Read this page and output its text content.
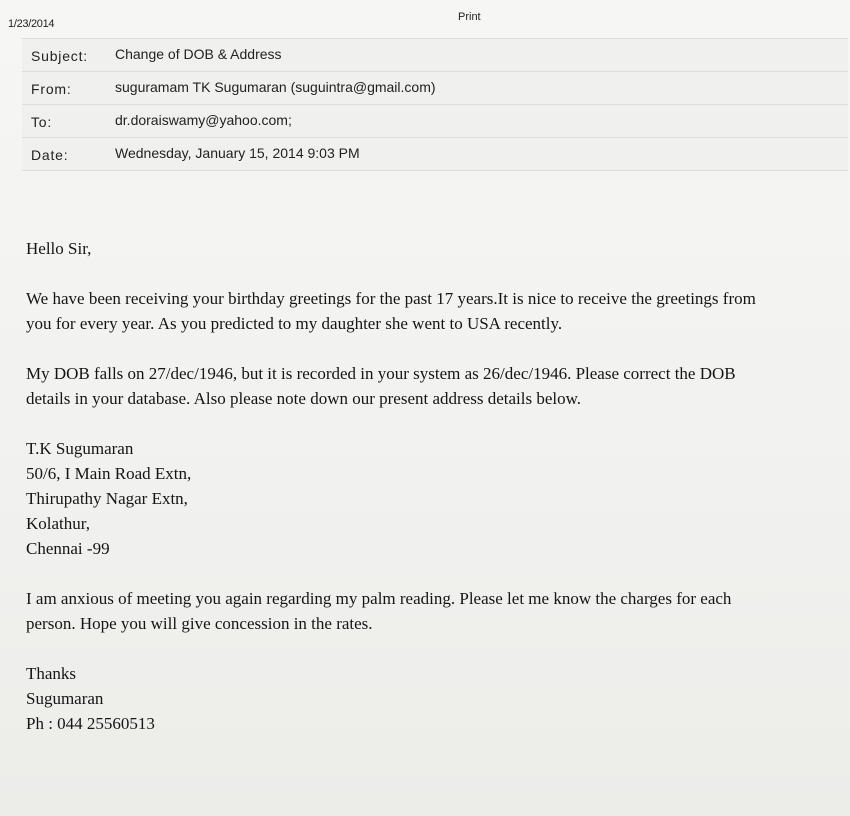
1/23/2014
Print
Subject: Change of DOB & Address
From:	suguramam TK Sugumaran (suguintra@gmail.com)
To:	dr.doraiswamy@yahoo.com;
Date:	Wednesday, January 15, 2014 9:03 PM
Hello Sir,
We have been receiving your birthday greetings for the past 17 years.It is nice to receive the greetings from
you for every year. As you predicted to my daughter she went to USA recently.
My DOB falls on 27/dec/1946, but it is recorded in your system as 26/dec/1946. Please correct the DOB
details in your database. Also please note down our present address details below.
T.K Sugumaran
50/6, I Main Road Extn,
Thirupathy Nagar Extn,
Kolathur,
Chennai -99
I am anxious of meeting you again regarding my palm reading. Please let me know the charges for each
person. Hope you will give concession in the rates.
Thanks
Sugumaran
Ph : 044 25560513
